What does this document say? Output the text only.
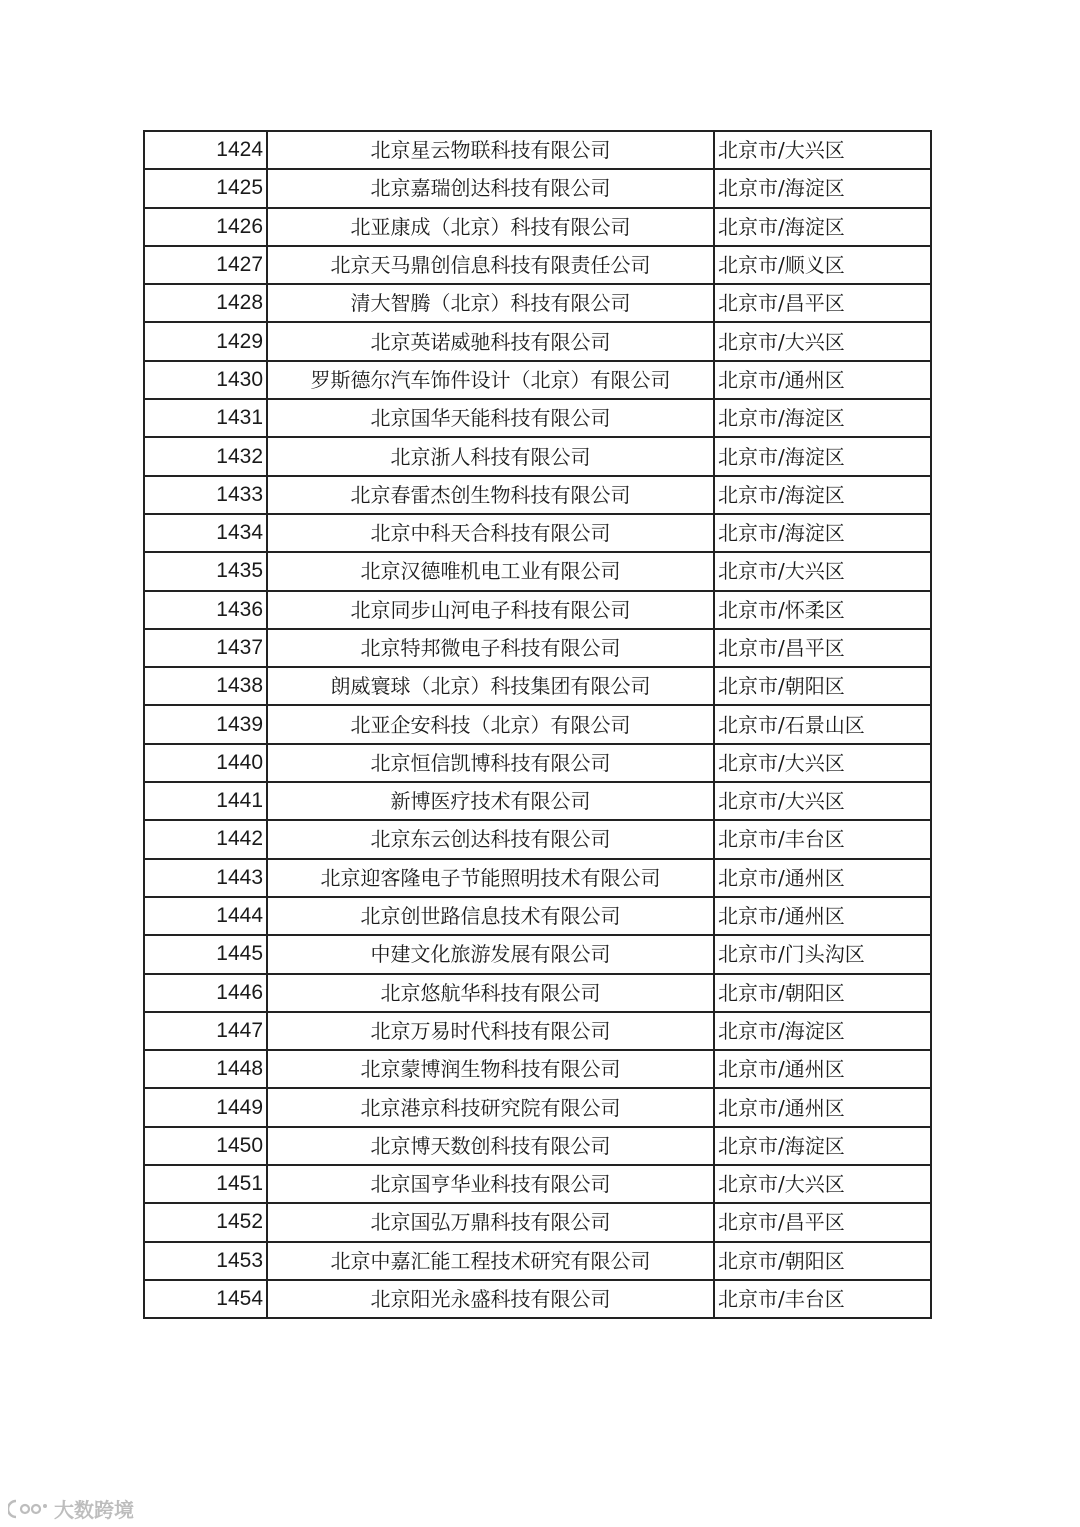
1424	北京星云物联科技有限公司	北京市/大兴区
1425	北京嘉瑞创达科技有限公司	北京市/海淀区
1426	北亚康成（北京）科技有限公司	北京市/海淀区
1427	北京天马鼎创信息科技有限责任公司	北京市/顺义区
1428	清大智腾（北京）科技有限公司	北京市/昌平区
1429	北京英诺威驰科技有限公司	北京市/大兴区
1430	罗斯德尔汽车饰件设计（北京）有限公司	北京市/通州区
1431	北京国华天能科技有限公司	北京市/海淀区
1432	北京浙人科技有限公司	北京市/海淀区
1433	北京春雷杰创生物科技有限公司	北京市/海淀区
1434	北京中科天合科技有限公司	北京市/海淀区
1435	北京汉德唯机电工业有限公司	北京市/大兴区
1436	北京同步山河电子科技有限公司	北京市/怀柔区
1437	北京特邦微电子科技有限公司	北京市/昌平区
1438	朗威寰球（北京）科技集团有限公司	北京市/朝阳区
1439	北亚企安科技（北京）有限公司	北京市/石景山区
1440	北京恒信凯博科技有限公司	北京市/大兴区
1441	新博医疗技术有限公司	北京市/大兴区
1442	北京东云创达科技有限公司	北京市/丰台区
1443	北京迎客隆电子节能照明技术有限公司	北京市/通州区
1444	北京创世路信息技术有限公司	北京市/通州区
1445	中建文化旅游发展有限公司	北京市/门头沟区
1446	北京悠航华科技有限公司	北京市/朝阳区
1447	北京万易时代科技有限公司	北京市/海淀区
1448	北京蒙博润生物科技有限公司	北京市/通州区
1449	北京港京科技研究院有限公司	北京市/通州区
1450	北京博天数创科技有限公司	北京市/海淀区
1451	北京国亨华业科技有限公司	北京市/大兴区
1452	北京国弘万鼎科技有限公司	北京市/昌平区
1453	北京中嘉汇能工程技术研究有限公司	北京市/朝阳区
1454	北京阳光永盛科技有限公司	北京市/丰台区
大数跨境
